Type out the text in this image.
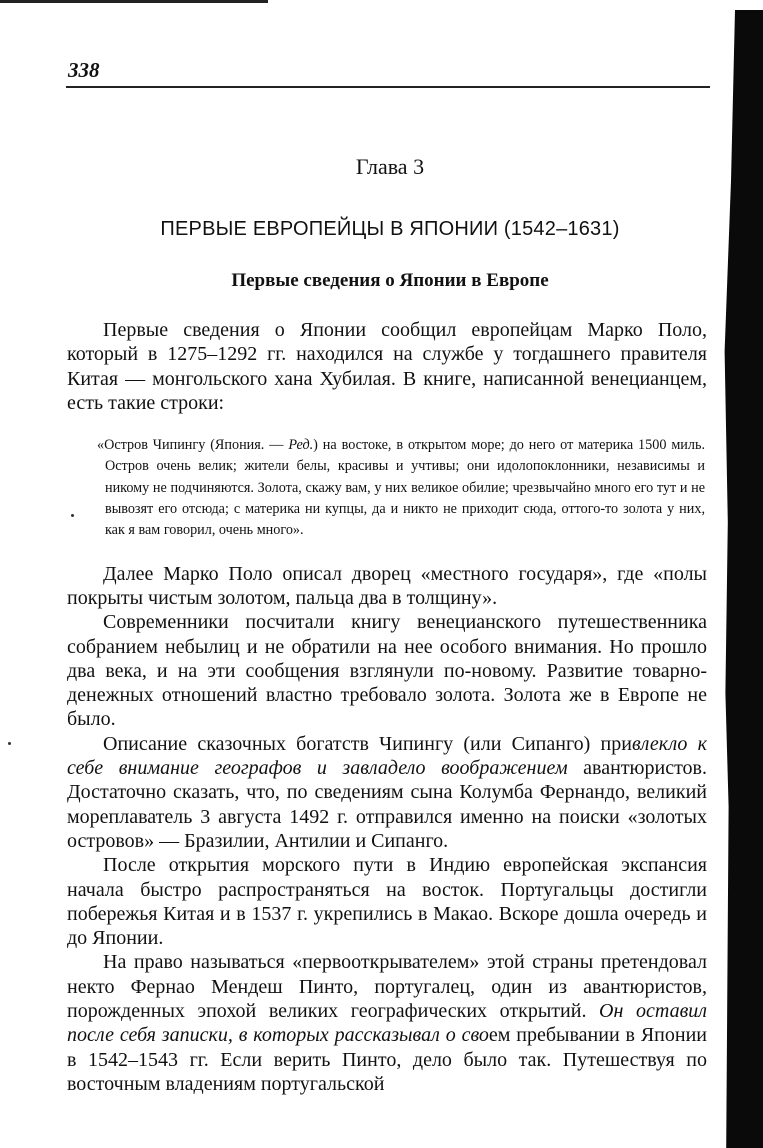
338
Глава 3
ПЕРВЫЕ ЕВРОПЕЙЦЫ В ЯПОНИИ (1542–1631)
Первые сведения о Японии в Европе

Первые сведения о Японии сообщил европейцам Марко Поло, который в 1275–1292 гг. находился на службе у тогдашнего правителя Китая — монгольского хана Хубилая. В книге, написанной венецианцем, есть такие строки:

«Остров Чипингу (Япония. — Ред.) на востоке, в открытом море; до него от материка 1500 миль. Остров очень велик; жители белы, красивы и учтивы; они идолопоклонники, независимы и никому не подчиняются. Золота, скажу вам, у них великое обилие; чрезвычайно много его тут и не вывозят его отсюда; с материка ни купцы, да и никто не приходит сюда, оттого-то золота у них, как я вам говорил, очень много».

Далее Марко Поло описал дворец «местного государя», где «полы покрыты чистым золотом, пальца два в толщину».

Современники посчитали книгу венецианского путешественника собранием небылиц и не обратили на нее особого внимания. Но прошло два века, и на эти сообщения взглянули по-новому. Развитие товарно-денежных отношений властно требовало золота. Золота же в Европе не было.

Описание сказочных богатств Чипингу (или Сипанго) привлекло к себе внимание географов и завладело воображением авантюристов. Достаточно сказать, что, по сведениям сына Колумба Фернандо, великий мореплаватель 3 августа 1492 г. отправился именно на поиски «золотых островов» — Бразилии, Антилии и Сипанго.

После открытия морского пути в Индию европейская экспансия начала быстро распространяться на восток. Португальцы достигли побережья Китая и в 1537 г. укрепились в Макао. Вскоре дошла очередь и до Японии.

На право называться «первооткрывателем» этой страны претендовал некто Фернао Мендеш Пинто, португалец, один из авантюристов, порожденных эпохой великих географических открытий. Он оставил после себя записки, в которых рассказывал о своем пребывании в Японии в 1542–1543 гг. Если верить Пинто, дело было так. Путешествуя по восточным владениям португальской
